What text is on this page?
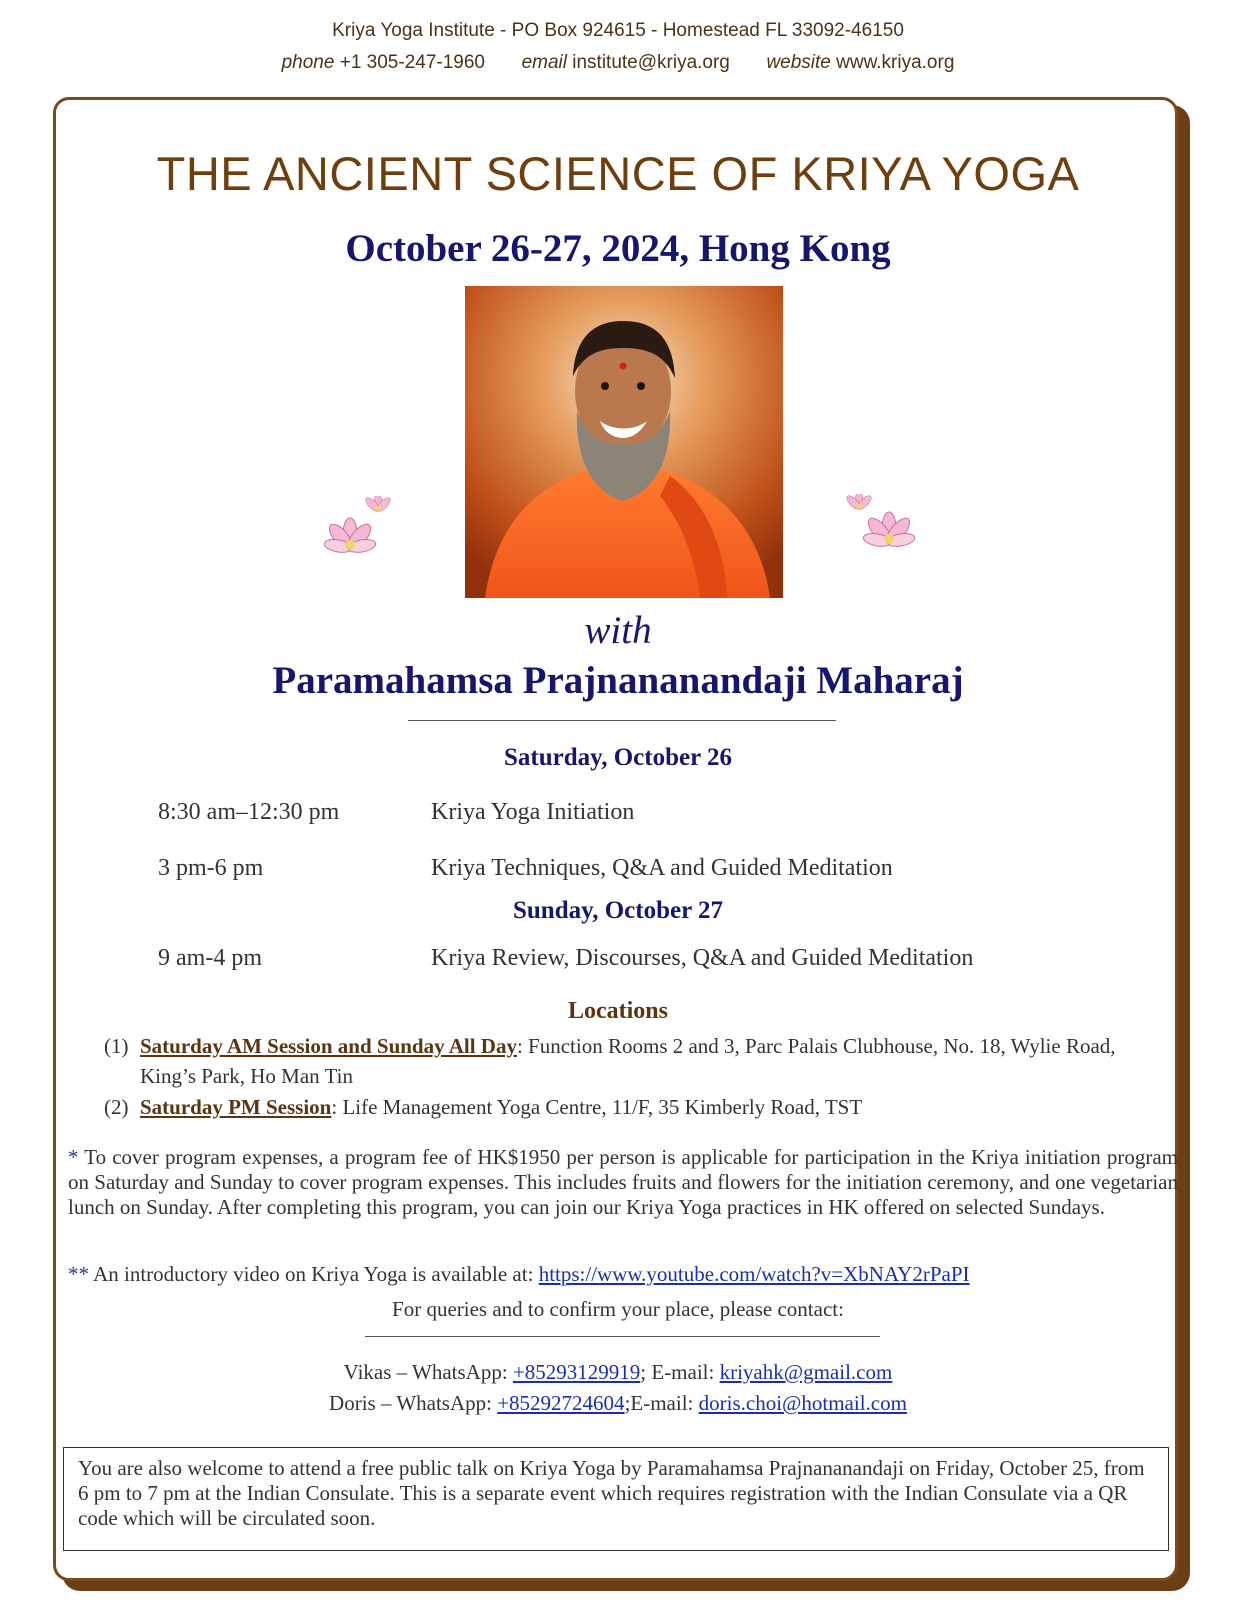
Kriya Yoga Institute - PO Box 924615 - Homestead FL 33092-46150
phone +1 305-247-1960 email institute@kriya.org website www.kriya.org
THE ANCIENT SCIENCE OF KRIYA YOGA
October 26-27, 2024, Hong Kong
with
Paramahamsa Prajnananandaji Maharaj
Saturday, October 26
8:30 am–12:30 pm	Kriya Yoga Initiation
3 pm-6 pm	Kriya Techniques, Q&A and Guided Meditation
Sunday, October 27
9 am-4 pm	Kriya Review, Discourses, Q&A and Guided Meditation
Locations
(1) Saturday AM Session and Sunday All Day: Function Rooms 2 and 3, Parc Palais Clubhouse, No. 18, Wylie Road, King’s Park, Ho Man Tin
(2) Saturday PM Session: Life Management Yoga Centre, 11/F, 35 Kimberly Road, TST
* To cover program expenses, a program fee of HK$1950 per person is applicable for participation in the Kriya initiation program on Saturday and Sunday to cover program expenses. This includes fruits and flowers for the initiation ceremony, and one vegetarian lunch on Sunday. After completing this program, you can join our Kriya Yoga practices in HK offered on selected Sundays.
** An introductory video on Kriya Yoga is available at: https://www.youtube.com/watch?v=XbNAY2rPaPI
For queries and to confirm your place, please contact:
Vikas – WhatsApp: +85293129919; E-mail: kriyahk@gmail.com
Doris – WhatsApp: +85292724604;E-mail: doris.choi@hotmail.com
You are also welcome to attend a free public talk on Kriya Yoga by Paramahamsa Prajnananandaji on Friday, October 25, from 6 pm to 7 pm at the Indian Consulate. This is a separate event which requires registration with the Indian Consulate via a QR code which will be circulated soon.
